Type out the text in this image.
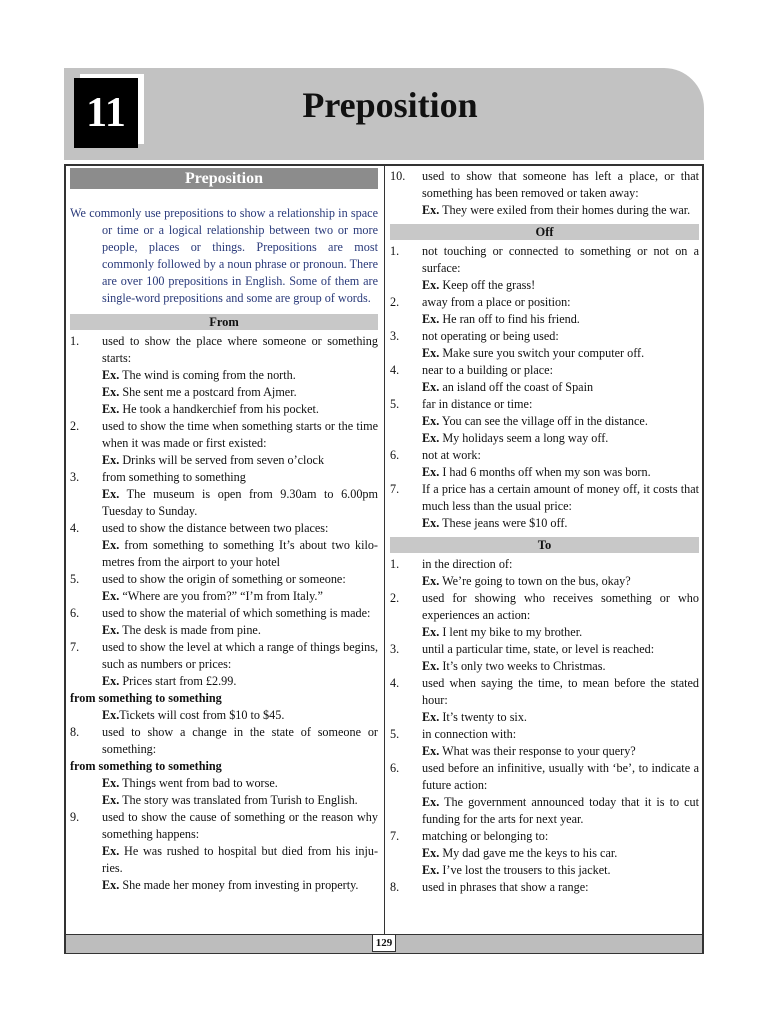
11	Preposition
Preposition

We commonly use prepositions to show a relationship in space or time or a logical relationship between two or more people, places or things. Prepositions are most commonly followed by a noun phrase or pronoun. There are over 100 prepositions in English. Some of them are single-word prepositions and some are group of words.

From
1.	used to show the place where someone or something starts:
Ex. The wind is coming from the north.
Ex. She sent me a postcard from Ajmer.
Ex. He took a handkerchief from his pocket.
2.	used to show the time when something starts or the time when it was made or first existed:
Ex. Drinks will be served from seven o’clock
3.	from something to something
Ex. The museum is open from 9.30am to 6.00pm Tuesday to Sunday.
4.	used to show the distance between two places:
Ex. from something to something It’s about two kilo-metres from the airport to your hotel
5.	used to show the origin of something or someone:
Ex. “Where are you from?” “I’m from Italy.”
6.	used to show the material of which something is made:
Ex. The desk is made from pine.
7.	used to show the level at which a range of things begins, such as numbers or prices:
Ex. Prices start from £2.99.
from something to something
Ex.Tickets will cost from $10 to $45.
8.	used to show a change in the state of someone or something:
from something to something
Ex. Things went from bad to worse.
Ex. The story was translated from Turish to English.
9.	used to show the cause of something or the reason why something happens:
Ex. He was rushed to hospital but died from his inju-ries.
Ex. She made her money from investing in property.
10.	used to show that someone has left a place, or that something has been removed or taken away:
Ex. They were exiled from their homes during the war.
Off
1.	not touching or connected to something or not on a surface:
Ex. Keep off the grass!
2.	away from a place or position:
Ex. He ran off to find his friend.
3.	not operating or being used:
Ex. Make sure you switch your computer off.
4.	near to a building or place:
Ex. an island off the coast of Spain
5.	far in distance or time:
Ex. You can see the village off in the distance.
Ex. My holidays seem a long way off.
6.	not at work:
Ex. I had 6 months off when my son was born.
7.	If a price has a certain amount of money off, it costs that much less than the usual price:
Ex. These jeans were $10 off.
To
1.	in the direction of:
Ex. We’re going to town on the bus, okay?
2.	used for showing who receives something or who experiences an action:
Ex. I lent my bike to my brother.
3.	until a particular time, state, or level is reached:
Ex. It’s only two weeks to Christmas.
4.	used when saying the time, to mean before the stated hour:
Ex. It’s twenty to six.
5.	in connection with:
Ex. What was their response to your query?
6.	used before an infinitive, usually with ‘be’, to indicate a future action:
Ex. The government announced today that it is to cut funding for the arts for next year.
7.	matching or belonging to:
Ex. My dad gave me the keys to his car.
Ex. I’ve lost the trousers to this jacket.
8.	used in phrases that show a range:
129
